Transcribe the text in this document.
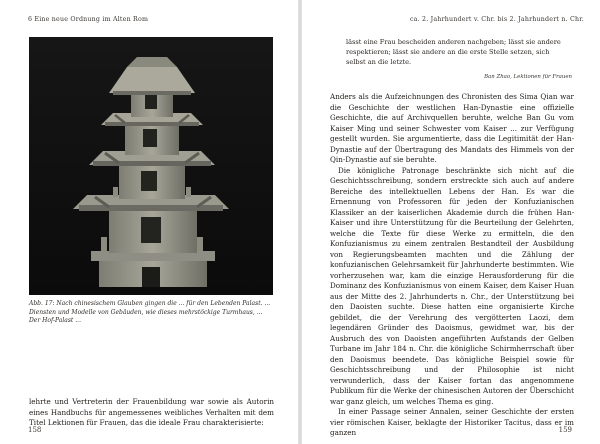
6 Eine neue Ordnung im Alten Rom
Abb. 17: Nach chinesischem Glauben gingen die ... für den Lebenden Palast. ... Diensten und Modelle von Gebäuden, wie dieses mehrstöckige Turmhaus, ... Der Hof-Palast ...

lehrte und Vertreterin der Frauenbildung war sowie als Autorin eines Handbuchs für angemessenes weibliches Verhalten mit dem Titel Lektionen für Frauen, das die ideale Frau charakterisierte:

158
ca. 2. Jahrhundert v. Chr. bis 2. Jahrhundert n. Chr.
lässt eine Frau bescheiden anderen nachgeben; lässt sie andere respektieren; lässt sie andere an die erste Stelle setzen, sich selbst an die letzte.
Ban Zhao, Lektionen für Frauen

Anders als die Aufzeichnungen des Chronisten des Sima Qian war die Geschichte der westlichen Han-Dynastie eine offizielle Geschichte, die auf Archivquellen beruhte, welche Ban Gu vom Kaiser Ming und seiner Schwester vom Kaiser ... zur Verfügung gestellt wurden. Sie argumentierte, dass die Legitimität der Han-Dynastie auf der Übertragung des Mandats des Himmels von der Qin-Dynastie auf sie beruhte.

Die königliche Patronage beschränkte sich nicht auf die Geschichtsschreibung, sondern erstreckte sich auch auf andere Bereiche des intellektuellen Lebens der Han. Es war die Ernennung von Professoren für jeden der Konfuzianischen Klassiker an der kaiserlichen Akademie durch die frühen Han-Kaiser und ihre Unterstützung für die Beurteilung der Gelehrten, welche die Texte für diese Werke zu ermitteln, die den Konfuzianismus zu einem zentralen Bestandteil der Ausbildung von Regierungsbeamten machten und die Zählung der konfuzianischen Gelehrsamkeit für Jahrhunderte bestimmten. Wie vorherzusehen war, kam die einzige Herausforderung für die Dominanz des Konfuzianismus von einem Kaiser, dem Kaiser Huan aus der Mitte des 2. Jahrhunderts n. Chr., der Unterstützung bei den Daoisten suchte. Diese hatten eine organisierte Kirche gebildet, die der Verehrung des vergötterten Laozi, dem legendären Gründer des Daoismus, gewidmet war, bis der Ausbruch des von Daoisten angeführten Aufstands der Gelben Turbane im Jahr 184 n. Chr. die königliche Schirmherrschaft über den Daoismus beendete. Das königliche Beispiel sowie für Geschichtsschreibung und der Philosophie ist nicht verwunderlich, dass der Kaiser fortan das angenommene Publikum für die Werke der chinesischen Autoren der Überschicht war ganz gleich, um welches Thema es ging.

In einer Passage seiner Annalen, seiner Geschichte der ersten vier römischen Kaiser, beklagte der Historiker Tacitus, dass er im ganzen	159
